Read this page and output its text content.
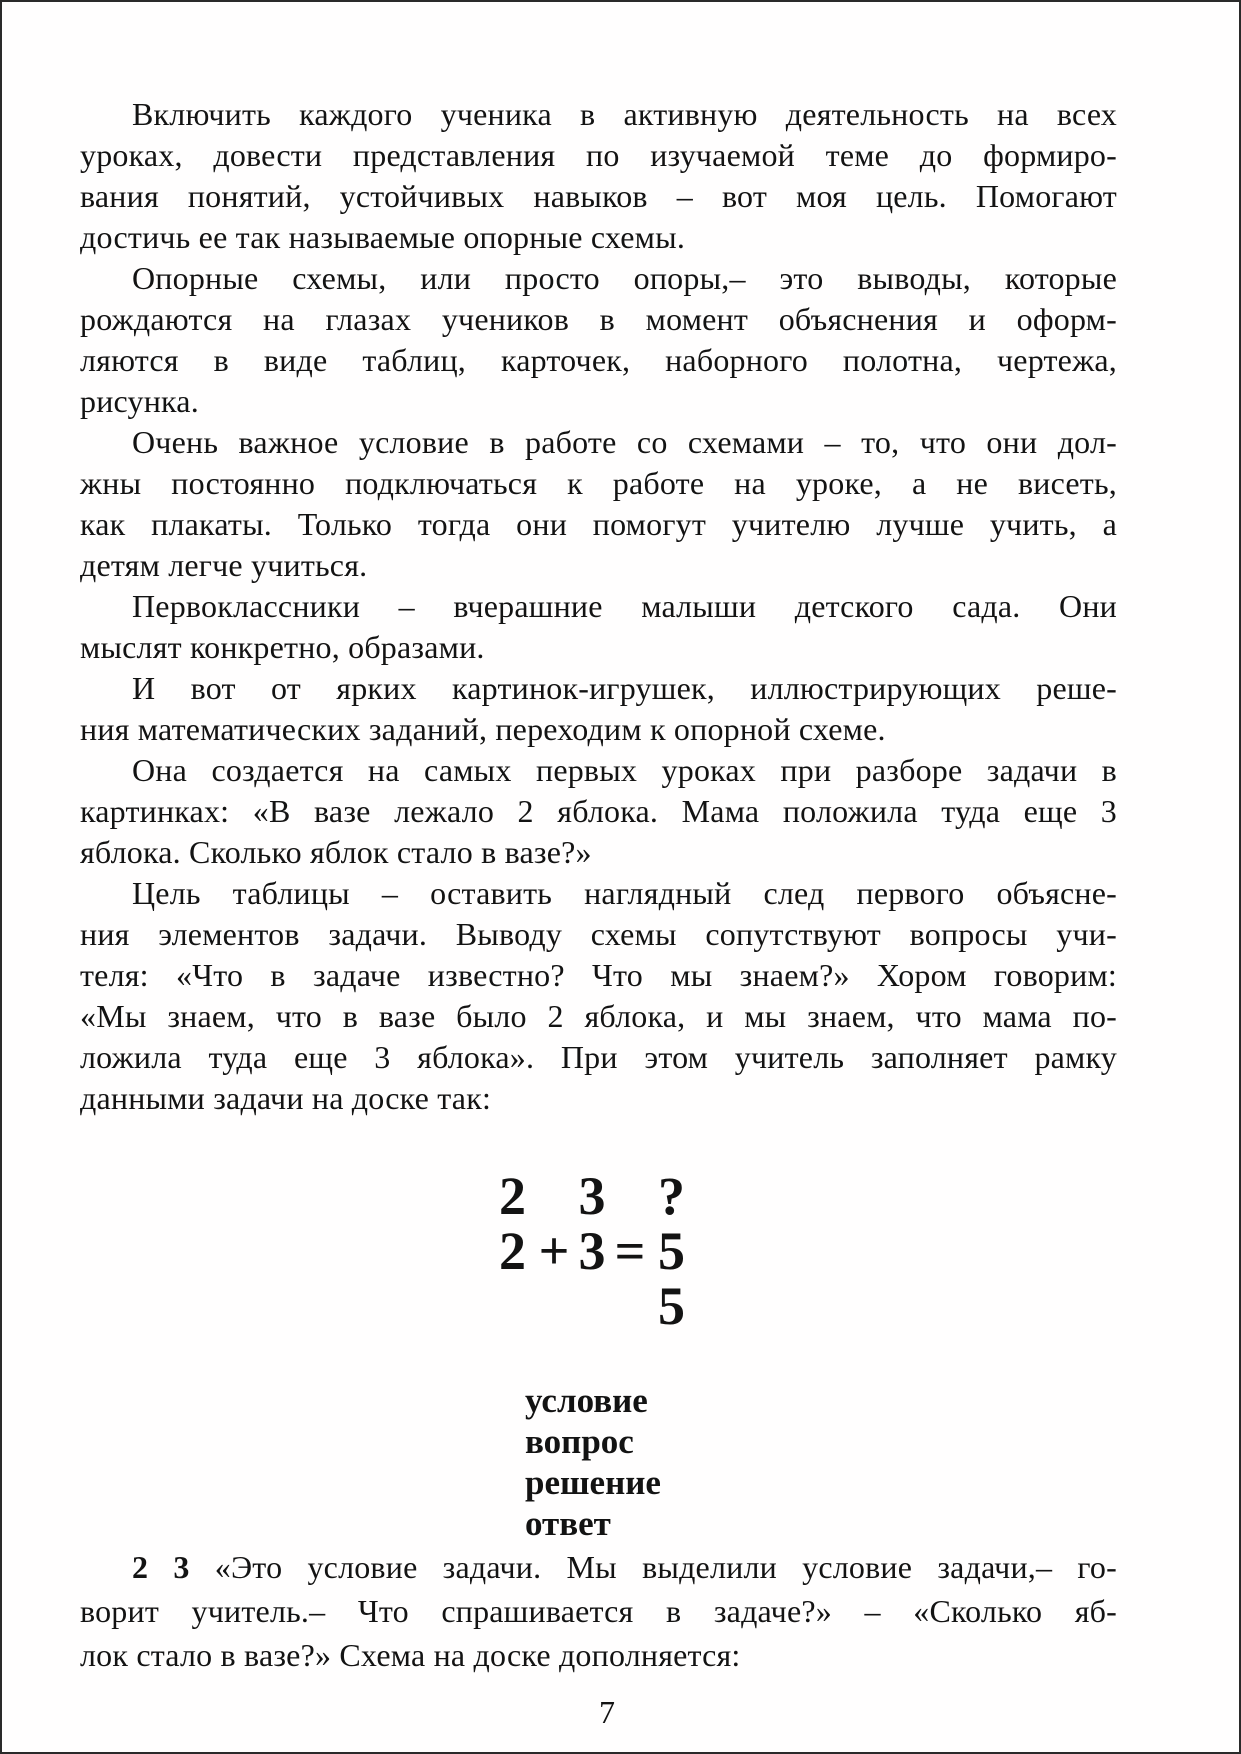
Включить каждого ученика в активную деятельность на всех
уроках, довести представления по изучаемой теме до формиро-
вания понятий, устойчивых навыков – вот моя цель. Помогают
достичь ее так называемые опорные схемы.
Опорные схемы, или просто опоры,– это выводы, которые
рождаются на глазах учеников в момент объяснения и оформ-
ляются в виде таблиц, карточек, наборного полотна, чертежа,
рисунка.
Очень важное условие в работе со схемами – то, что они дол-
жны постоянно подключаться к работе на уроке, а не висеть,
как плакаты. Только тогда они помогут учителю лучше учить, а
детям легче учиться.
Первоклассники – вчерашние малыши детского сада. Они
мыслят конкретно, образами.
И вот от ярких картинок-игрушек, иллюстрирующих реше-
ния математических заданий, переходим к опорной схеме.
Она создается на самых первых уроках при разборе задачи в
картинках: «В вазе лежало 2 яблока. Мама положила туда еще 3
яблока. Сколько яблок стало в вазе?»
Цель таблицы – оставить наглядный след первого объясне-
ния элементов задачи. Выводу схемы сопутствуют вопросы учи-
теля: «Что в задаче известно? Что мы знаем?» Хором говорим:
«Мы знаем, что в вазе было 2 яблока, и мы знаем, что мама по-
ложила туда еще 3 яблока». При этом учитель заполняет рамку
данными задачи на доске так:
2 3 ?
2 + 3 = 5
5
условие
вопрос
решение
ответ
2 3 «Это условие задачи. Мы выделили условие задачи,– го-
ворит учитель.– Что спрашивается в задаче?» – «Сколько яб-
лок стало в вазе?» Схема на доске дополняется:
7
